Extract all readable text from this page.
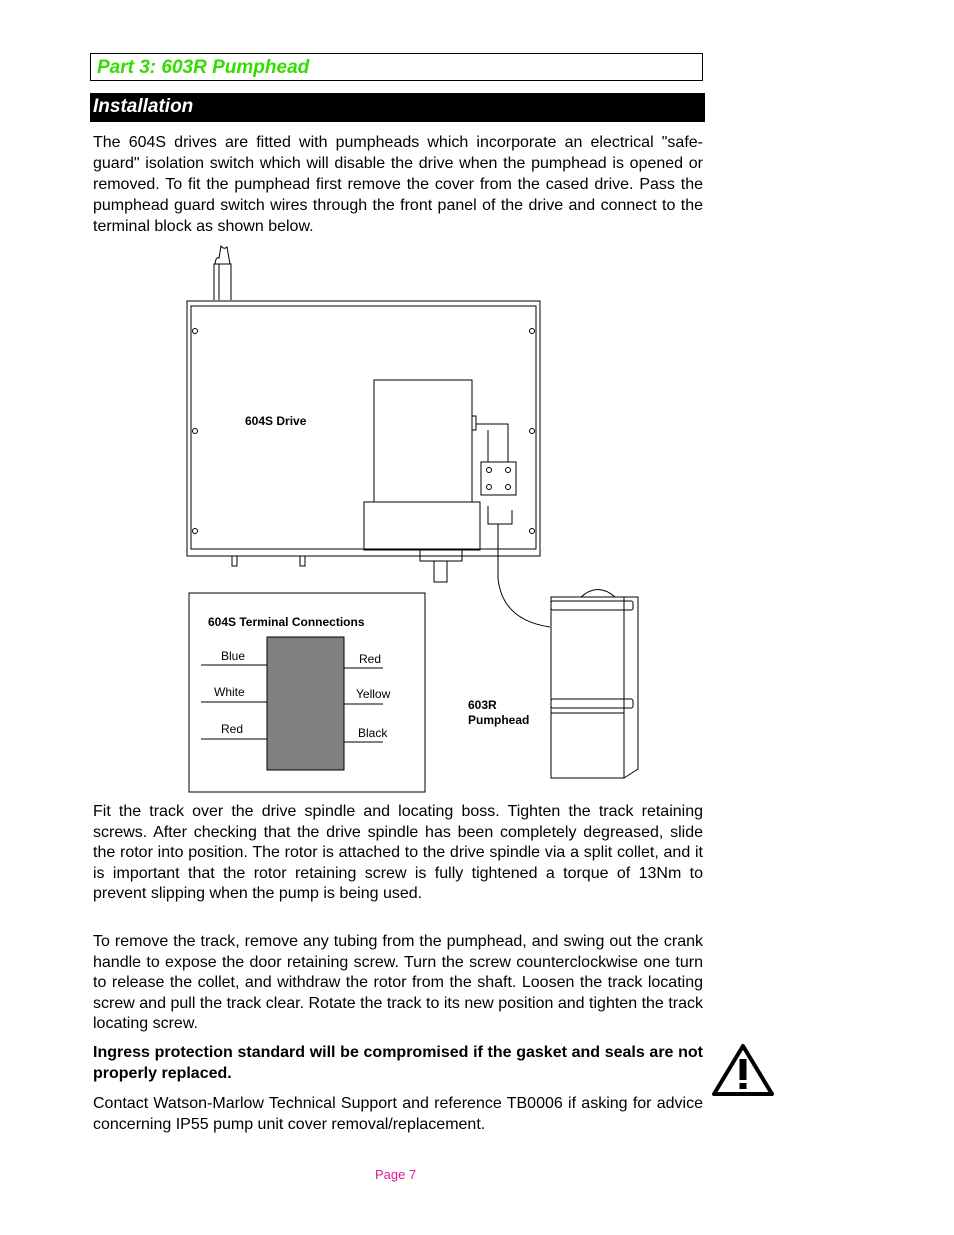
Part 3: 603R Pumphead
Installation

The 604S drives are fitted with pumpheads which incorporate an electrical "safe-guard" isolation switch which will disable the drive when the pumphead is opened or removed. To fit the pumphead first remove the cover from the cased drive. Pass the pumphead guard switch wires through the front panel of the drive and connect to the terminal block as shown below.

604S Drive
604S Terminal Connections
Blue
White
Red
Red
Yellow
Black
603R
Pumphead

Fit the track over the drive spindle and locating boss. Tighten the track retaining screws. After checking that the drive spindle has been completely degreased, slide the rotor into position. The rotor is attached to the drive spindle via a split collet, and it is important that the rotor retaining screw is fully tightened a torque of 13Nm to prevent slipping when the pump is being used.

To remove the track, remove any tubing from the pumphead, and swing out the crank handle to expose the door retaining screw. Turn the screw counterclockwise one turn to release the collet, and withdraw the rotor from the shaft. Loosen the track locating screw and pull the track clear. Rotate the track to its new position and tighten the track locating screw.

Ingress protection standard will be compromised if the gasket and seals are not properly replaced.

Contact Watson-Marlow Technical Support and reference TB0006 if asking for advice concerning IP55 pump unit cover removal/replacement.

Page 7
